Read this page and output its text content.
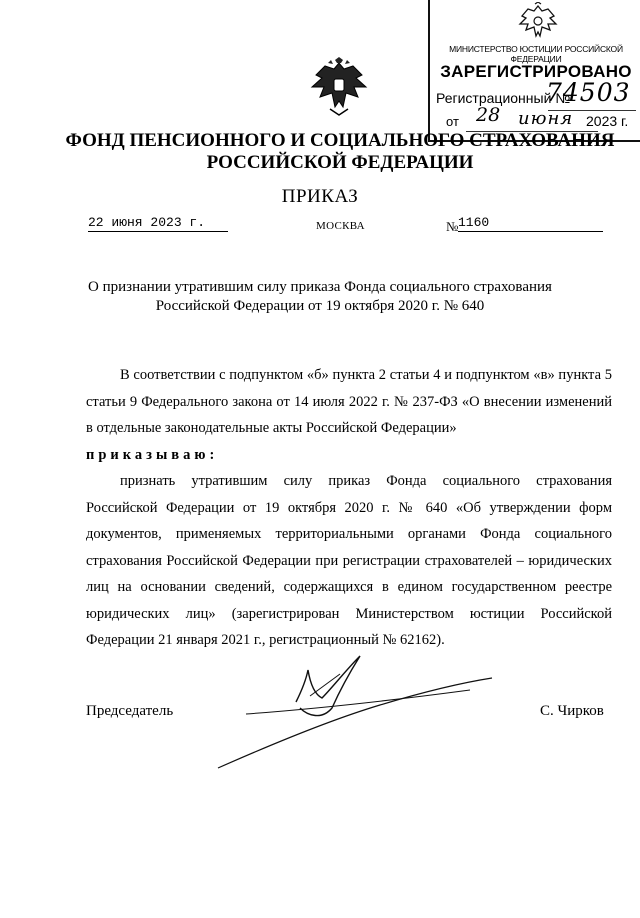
МИНИСТЕРСТВО ЮСТИЦИИ РОССИЙСКОЙ ФЕДЕРАЦИИ
ЗАРЕГИСТРИРОВАНО
Регистрационный №
74503
от 28 июня 2023 г.
ФОНД ПЕНСИОННОГО И СОЦИАЛЬНОГО СТРАХОВАНИЯ РОССИЙСКОЙ ФЕДЕРАЦИИ
ПРИКАЗ
22 июня 2023 г.	МОСКВА	№ 1160
О признании утратившим силу приказа Фонда социального страхования Российской Федерации от 19 октября 2020 г. № 640

В соответствии с подпунктом «б» пункта 2 статьи 4 и подпунктом «в» пункта 5 статьи 9 Федерального закона от 14 июля 2022 г. № 237-ФЗ «О внесении изменений в отдельные законодательные акты Российской Федерации»

приказываю:

признать утратившим силу приказ Фонда социального страхования Российской Федерации от 19 октября 2020 г. № 640 «Об утверждении форм документов, применяемых территориальными органами Фонда социального страхования Российской Федерации при регистрации страхователей – юридических лиц на основании сведений, содержащихся в едином государственном реестре юридических лиц» (зарегистрирован Министерством юстиции Российской Федерации 21 января 2021 г., регистрационный № 62162).

Председатель	С. Чирков
